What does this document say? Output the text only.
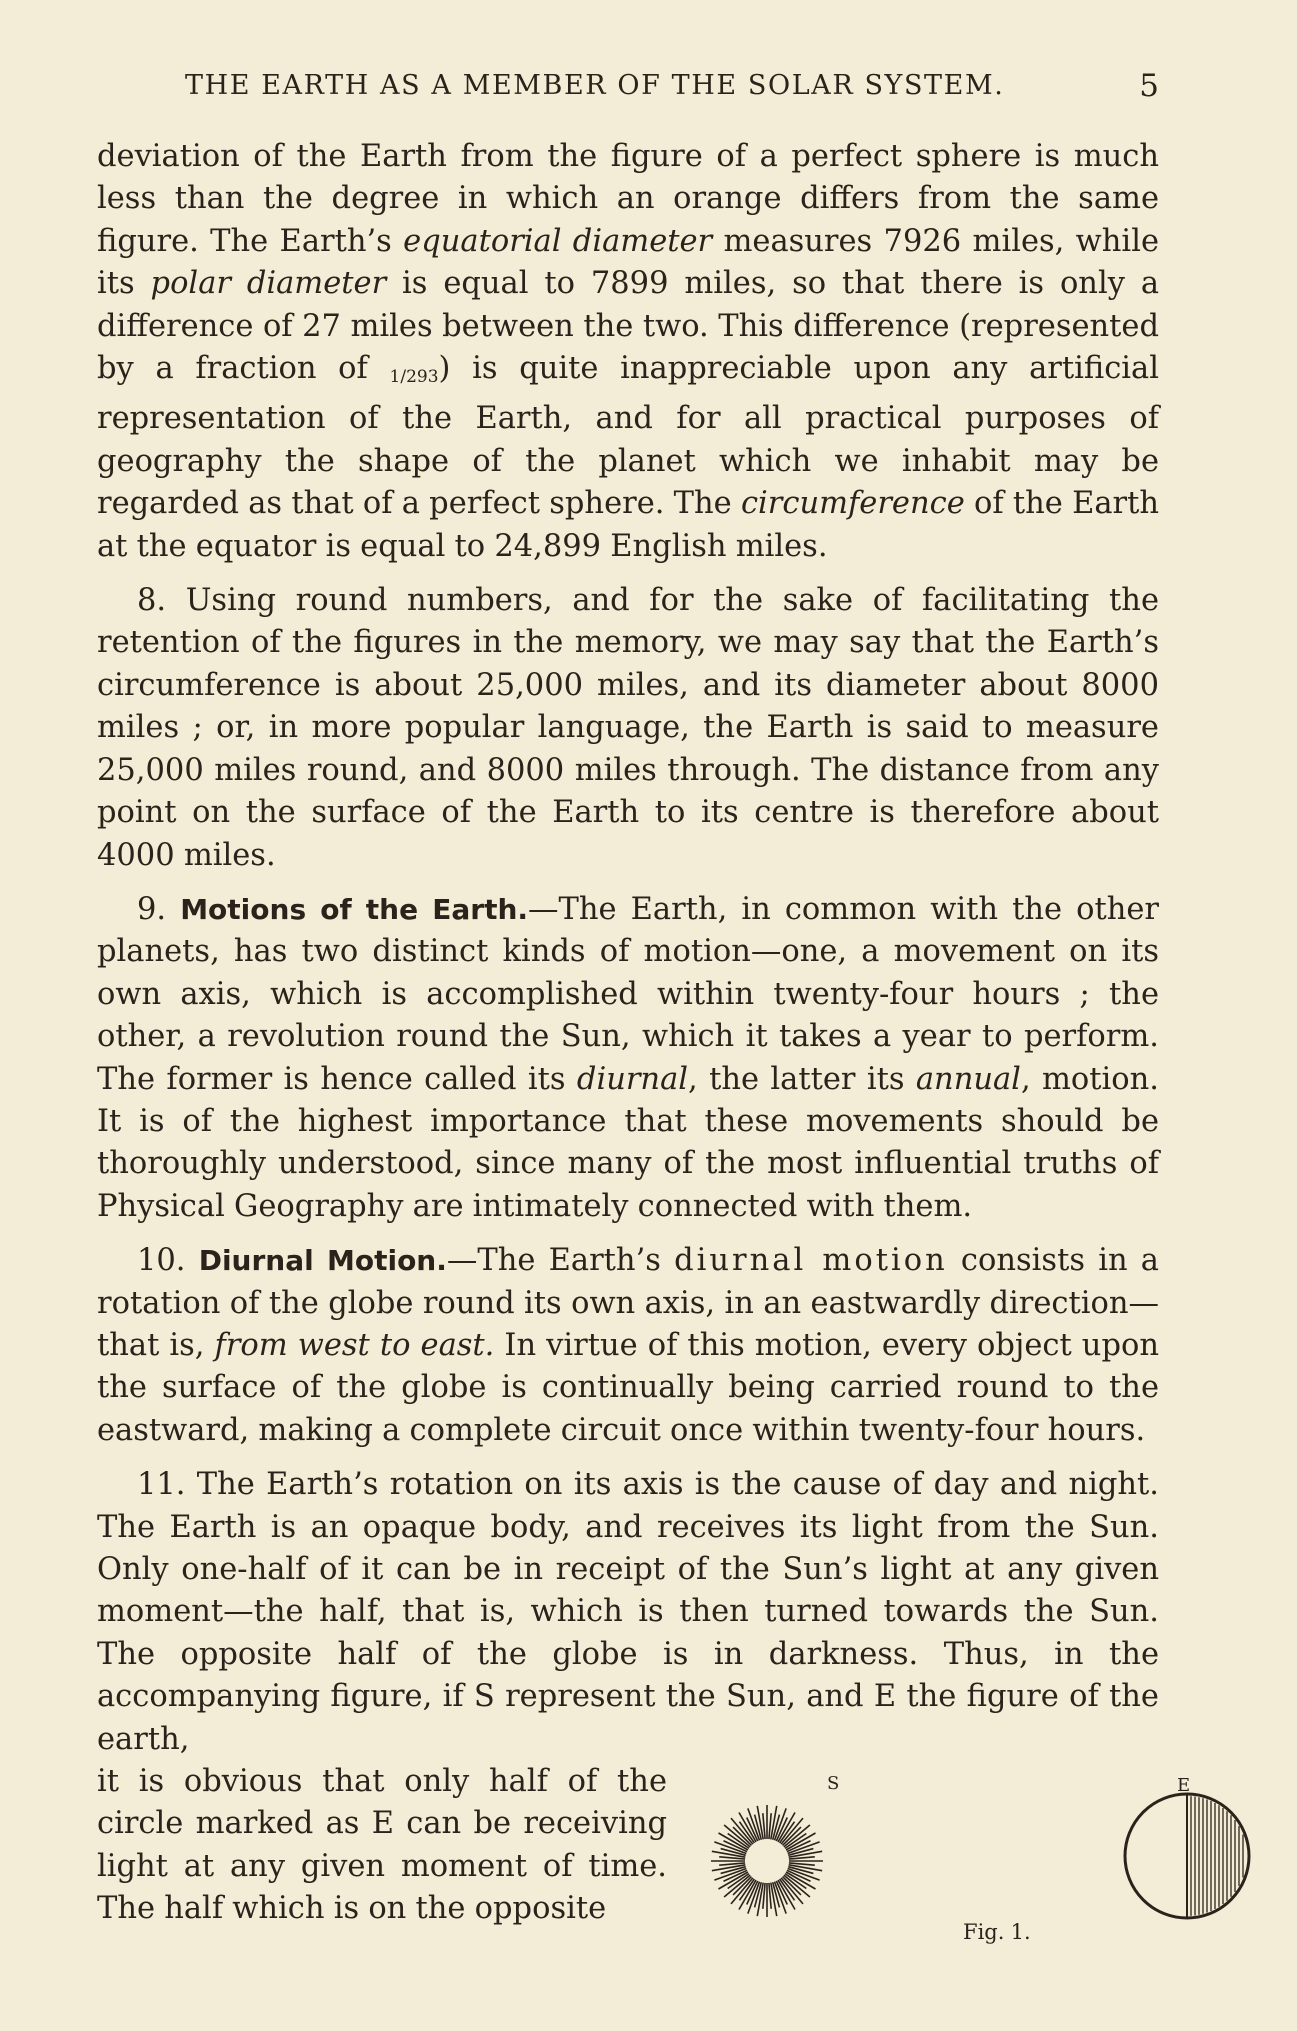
THE EARTH AS A MEMBER OF THE SOLAR SYSTEM.	5

deviation of the Earth from the figure of a perfect sphere is much less than the degree in which an orange differs from the same figure. The Earth’s equatorial diameter measures 7926 miles, while its polar diameter is equal to 7899 miles, so that there is only a difference of 27 miles between the two. This difference (represented by a fraction of 1/293) is quite inappreciable upon any artificial representation of the Earth, and for all practical purposes of geography the shape of the planet which we inhabit may be regarded as that of a perfect sphere. The circumference of the Earth at the equator is equal to 24,899 English miles.

8. Using round numbers, and for the sake of facilitating the retention of the figures in the memory, we may say that the Earth’s circumference is about 25,000 miles, and its diameter about 8000 miles ; or, in more popular language, the Earth is said to measure 25,000 miles round, and 8000 miles through. The distance from any point on the surface of the Earth to its centre is therefore about 4000 miles.

9. Motions of the Earth.—The Earth, in common with the other planets, has two distinct kinds of motion—one, a movement on its own axis, which is accomplished within twenty-four hours ; the other, a revolution round the Sun, which it takes a year to perform. The former is hence called its diurnal, the latter its annual, motion. It is of the highest importance that these movements should be thoroughly understood, since many of the most influential truths of Physical Geography are intimately connected with them.

10. Diurnal Motion.—The Earth’s diurnal motion consists in a rotation of the globe round its own axis, in an eastwardly direction—that is, from west to east. In virtue of this motion, every object upon the surface of the globe is continually being carried round to the eastward, making a complete circuit once within twenty-four hours.

11. The Earth’s rotation on its axis is the cause of day and night. The Earth is an opaque body, and receives its light from the Sun. Only one-half of it can be in receipt of the Sun’s light at any given moment—the half, that is, which is then turned towards the Sun. The opposite half of the globe is in darkness. Thus, in the accompanying figure, if S represent the Sun, and E the figure of the earth,

it is obvious that only half of the circle marked as E can be receiving light at any given moment of time. The half which is on the opposite

S	E
Fig. 1.
